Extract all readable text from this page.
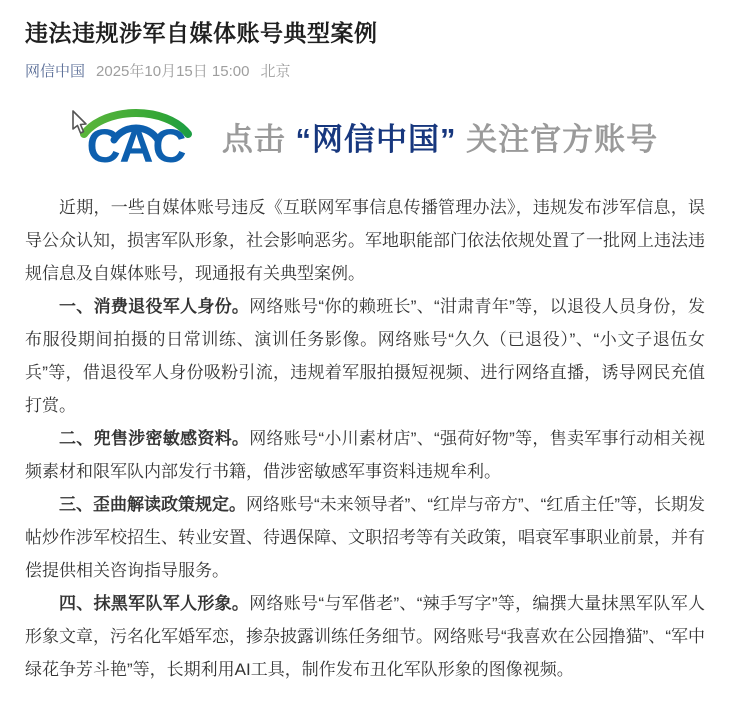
违法违规涉军自媒体账号典型案例
网信中国 2025年10月15日 15:00 北京
CAC 点击 “网信中国” 关注官方账号

近期，一些自媒体账号违反《互联网军事信息传播管理办法》，违规发布涉军信息，误导公众认知，损害军队形象，社会影响恶劣。军地职能部门依法依规处置了一批网上违法违规信息及自媒体账号，现通报有关典型案例。

一、消费退役军人身份。网络账号“你的赖班长”、“泔肃青年”等，以退役人员身份，发布服役期间拍摄的日常训练、演训任务影像。网络账号“久久（已退役）”、“小文子退伍女兵”等，借退役军人身份吸粉引流，违规着军服拍摄短视频、进行网络直播，诱导网民充值打赏。

二、兜售涉密敏感资料。网络账号“小川素材店”、“强荷好物”等，售卖军事行动相关视频素材和限军队内部发行书籍，借涉密敏感军事资料违规牟利。

三、歪曲解读政策规定。网络账号“未来领导者”、“红岸与帝方”、“红盾主任”等，长期发帖炒作涉军校招生、转业安置、待遇保障、文职招考等有关政策，唱衰军事职业前景，并有偿提供相关咨询指导服务。

四、抹黑军队军人形象。网络账号“与军偕老”、“辣手写字”等，编撰大量抹黑军队军人形象文章，污名化军婚军恋，掺杂披露训练任务细节。网络账号“我喜欢在公园撸猫”、“军中绿花争芳斗艳”等，长期利用AI工具，制作发布丑化军队形象的图像视频。
